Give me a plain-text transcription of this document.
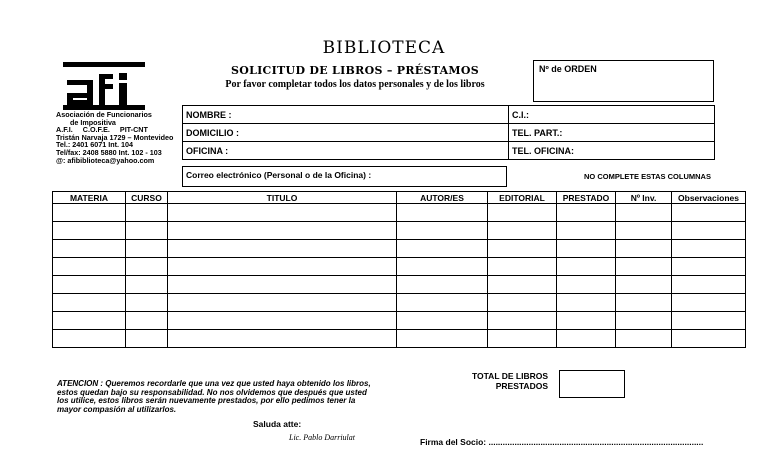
BIBLIOTECA
SOLICITUD DE LIBROS – PRÉSTAMOS
Por favor completar todos los datos personales y de los libros
Nº de ORDEN
Asociación de Funcionarios
de Impositiva
A.F.I.     C.O.F.E.     PIT-CNT
Tristán Narvaja 1729 – Montevideo
Tel.: 2401 6071 Int. 104
Tel/fax: 2408 5880 Int. 102 - 103
@: afibiblioteca@yahoo.com
NOMBRE :	C.I.:
DOMICILIO :	TEL. PART.:
OFICINA :	TEL. OFICINA:
Correo electrónico (Personal o de la Oficina) :	NO COMPLETE ESTAS COLUMNAS
MATERIA	CURSO	TITULO	AUTOR/ES	EDITORIAL	PRESTADO	Nº Inv.	Observaciones

ATENCION : Queremos recordarle que una vez que usted haya obtenido los libros, estos quedan bajo su responsabilidad. No nos olvidemos que después que usted los utilice, estos libros serán nuevamente prestados, por ello pedimos tener la mayor compasión al utilizarlos.
Saluda atte:
Lic. Pablo Darriulat
TOTAL DE LIBROS
PRESTADOS
Firma del Socio: ...........................................................................................
